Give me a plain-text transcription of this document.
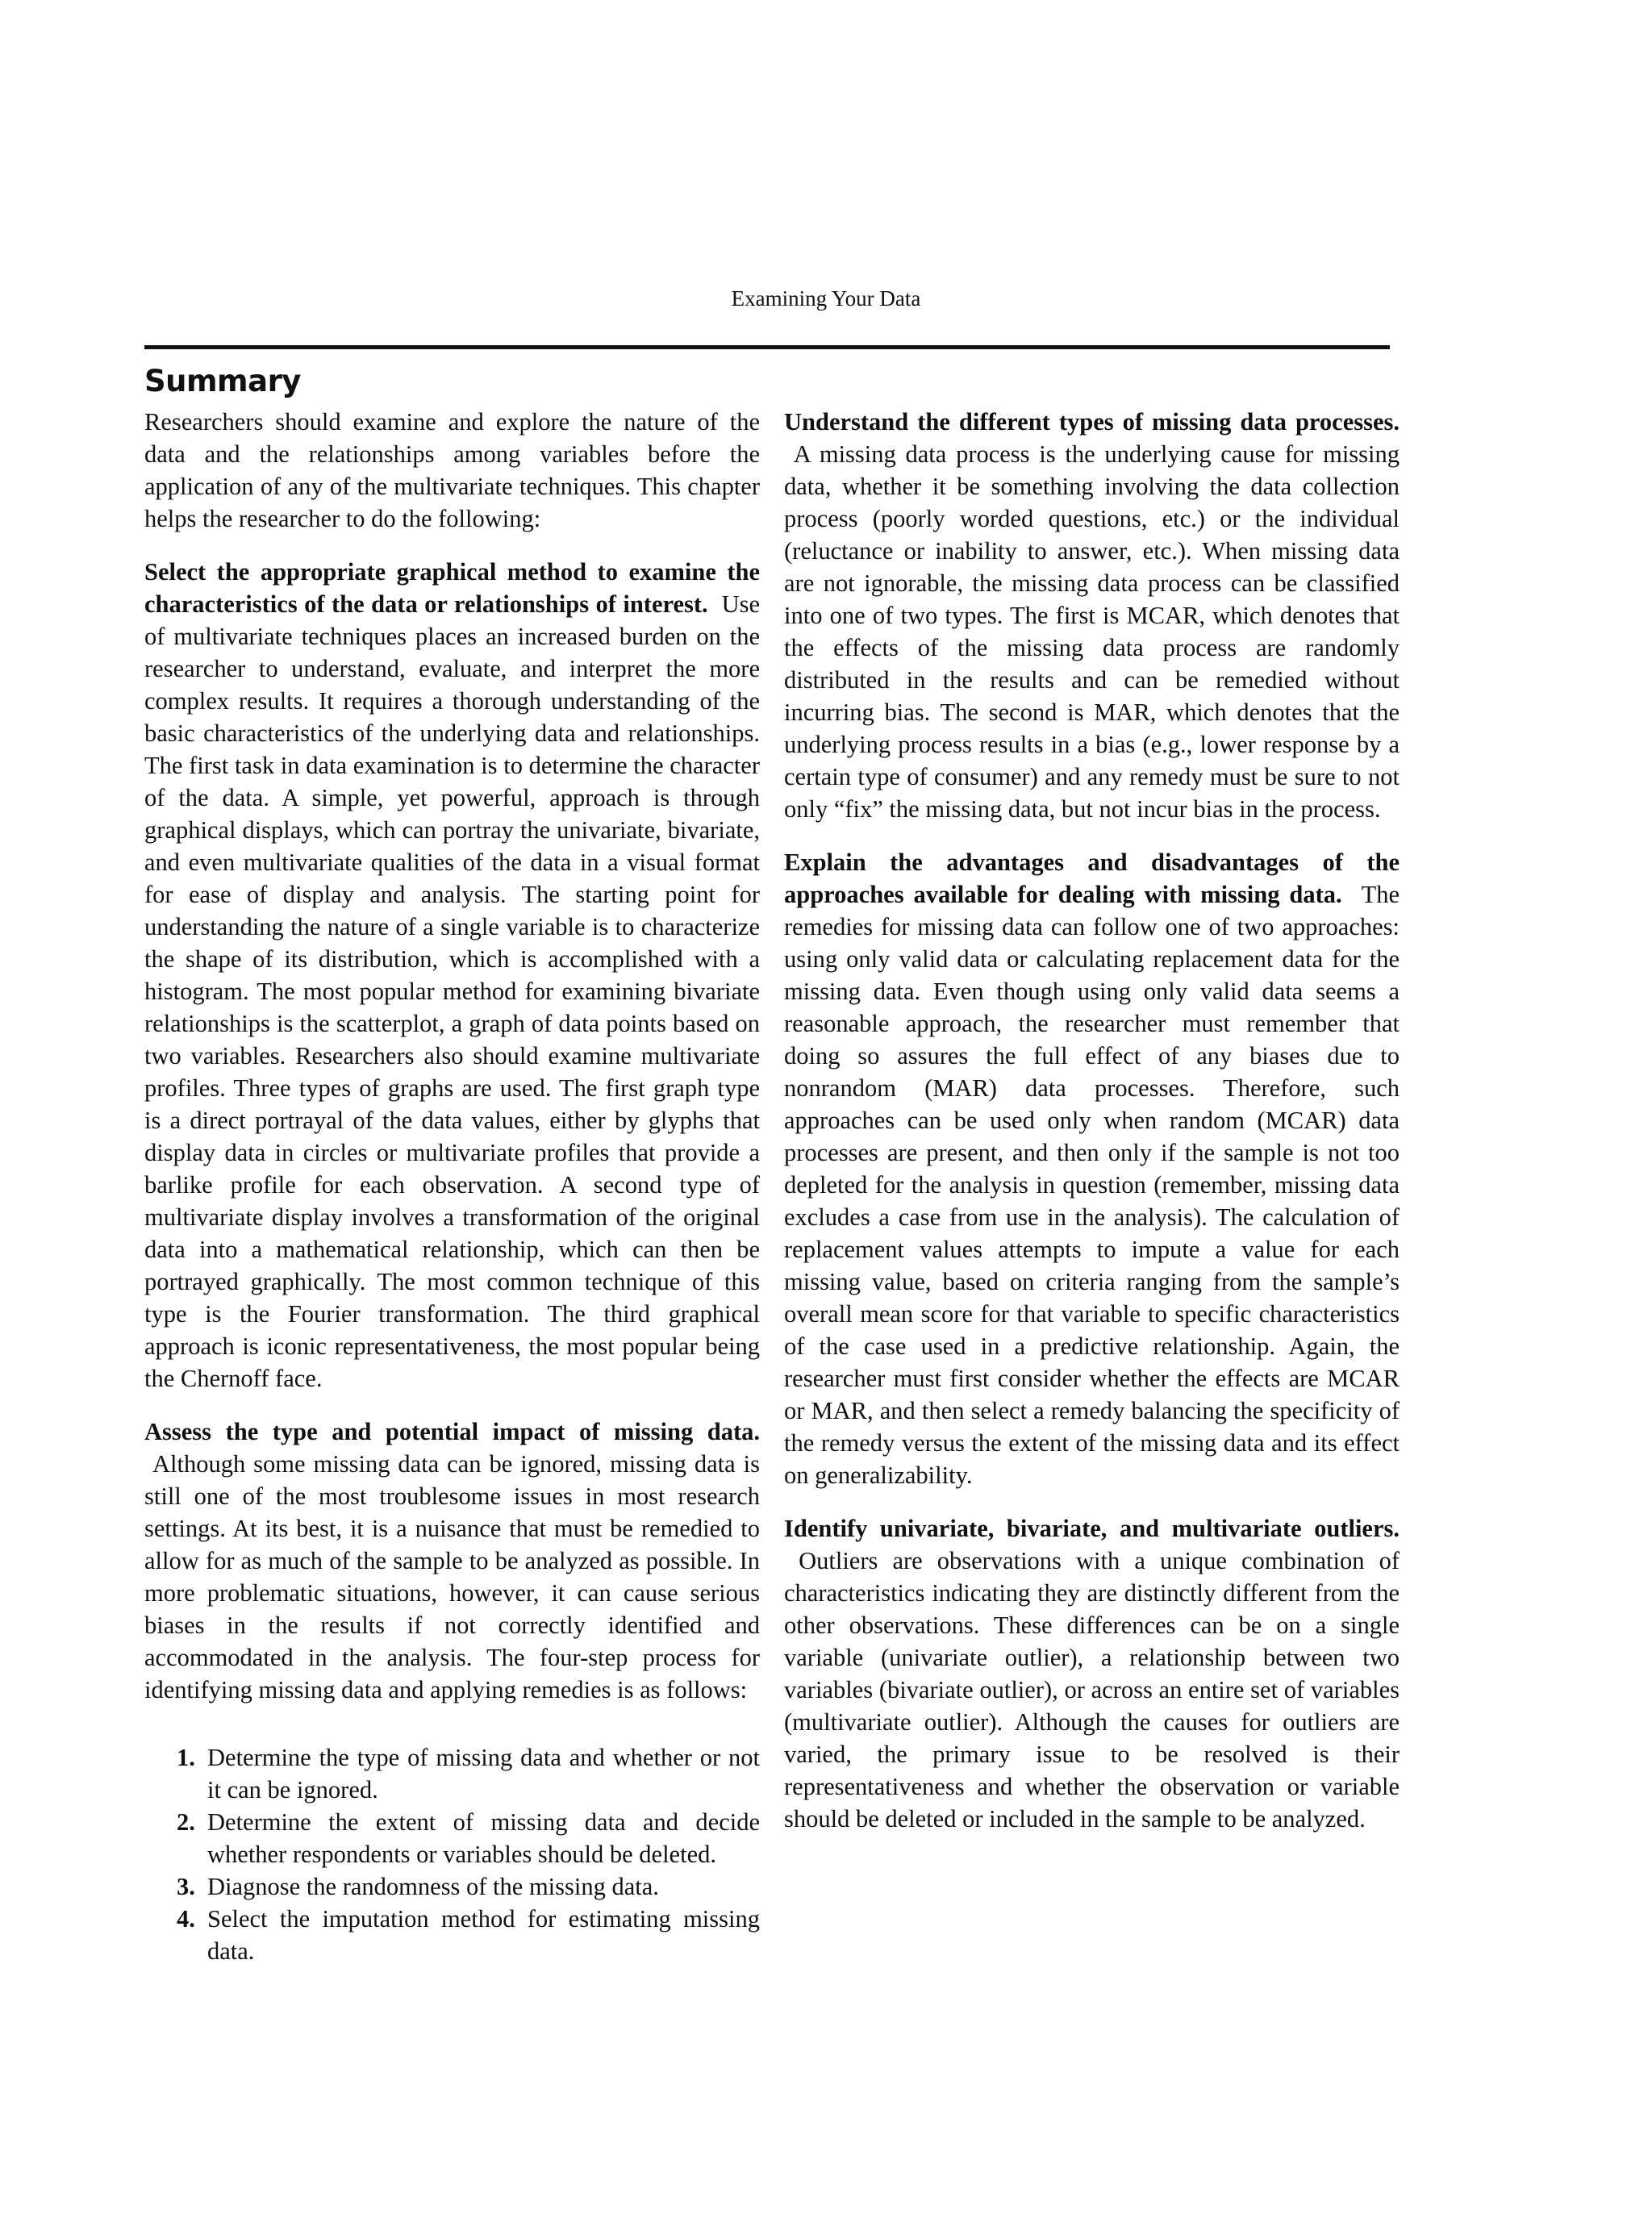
Examining Your Data
Summary

Researchers should examine and explore the nature of the data and the relationships among variables before the application of any of the multivariate techniques. This chapter helps the researcher to do the following:

Select the appropriate graphical method to examine the characteristics of the data or relationships of interest. Use of multivariate techniques places an increased burden on the researcher to understand, evaluate, and interpret the more complex results. It requires a thorough understanding of the basic characteristics of the underlying data and relationships. The first task in data examination is to determine the character of the data. A simple, yet powerful, approach is through graphical displays, which can portray the univariate, bivariate, and even multivariate qualities of the data in a visual format for ease of display and analysis. The starting point for understanding the nature of a single variable is to characterize the shape of its distribution, which is accomplished with a histogram. The most popular method for examining bivariate relationships is the scatterplot, a graph of data points based on two variables. Researchers also should examine multivariate profiles. Three types of graphs are used. The first graph type is a direct portrayal of the data values, either by glyphs that display data in circles or multivariate profiles that provide a barlike profile for each observation. A second type of multivariate display involves a transformation of the original data into a mathematical relationship, which can then be portrayed graphically. The most common technique of this type is the Fourier transformation. The third graphical approach is iconic representativeness, the most popular being the Chernoff face.

Assess the type and potential impact of missing data.  Although some missing data can be ignored, missing data is still one of the most troublesome issues in most research settings. At its best, it is a nuisance that must be remedied to allow for as much of the sample to be analyzed as possible. In more problematic situations, however, it can cause serious biases in the results if not correctly identified and accommodated in the analysis. The four-step process for identifying missing data and applying remedies is as follows:

1. Determine the type of missing data and whether or not it can be ignored.
2. Determine the extent of missing data and decide whether respondents or variables should be deleted.
3. Diagnose the randomness of the missing data.
4. Select the imputation method for estimating missing data.

Understand the different types of missing data processes.  A missing data process is the underlying cause for missing data, whether it be something involving the data collection process (poorly worded questions, etc.) or the individual (reluctance or inability to answer, etc.). When missing data are not ignorable, the missing data process can be classified into one of two types. The first is MCAR, which denotes that the effects of the missing data process are randomly distributed in the results and can be remedied without incurring bias. The second is MAR, which denotes that the underlying process results in a bias (e.g., lower response by a certain type of consumer) and any remedy must be sure to not only “fix” the missing data, but not incur bias in the process.

Explain the advantages and disadvantages of the approaches available for dealing with missing data. The remedies for missing data can follow one of two approaches: using only valid data or calculating replacement data for the missing data. Even though using only valid data seems a reasonable approach, the researcher must remember that doing so assures the full effect of any biases due to nonrandom (MAR) data processes. Therefore, such approaches can be used only when random (MCAR) data processes are present, and then only if the sample is not too depleted for the analysis in question (remember, missing data excludes a case from use in the analysis). The calculation of replacement values attempts to impute a value for each missing value, based on criteria ranging from the sample’s overall mean score for that variable to specific characteristics of the case used in a predictive relationship. Again, the researcher must first consider whether the effects are MCAR or MAR, and then select a remedy balancing the specificity of the remedy versus the extent of the missing data and its effect on generalizability.

Identify univariate, bivariate, and multivariate outliers.  Outliers are observations with a unique combination of characteristics indicating they are distinctly different from the other observations. These differences can be on a single variable (univariate outlier), a relationship between two variables (bivariate outlier), or across an entire set of variables (multivariate outlier). Although the causes for outliers are varied, the primary issue to be resolved is their representativeness and whether the observation or variable should be deleted or included in the sample to be analyzed.
